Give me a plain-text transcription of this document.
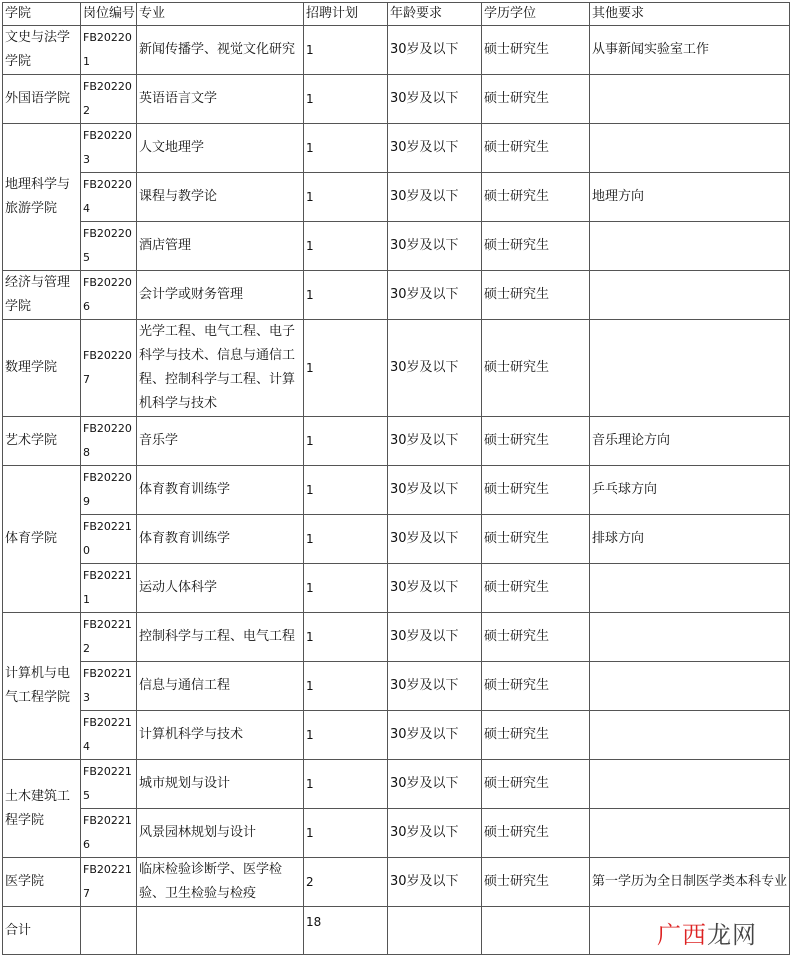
学院	岗位编号	专业	招聘计划	年龄要求	学历学位	其他要求
文史与法学学院	FB202201	新闻传播学、视觉文化研究	1	30岁及以下	硕士研究生	从事新闻实验室工作
外国语学院	FB202202	英语语言文学	1	30岁及以下	硕士研究生	
地理科学与旅游学院	FB202203	人文地理学	1	30岁及以下	硕士研究生	
	FB202204	课程与教学论	1	30岁及以下	硕士研究生	地理方向
	FB202205	酒店管理	1	30岁及以下	硕士研究生	
经济与管理学院	FB202206	会计学或财务管理	1	30岁及以下	硕士研究生	
数理学院	FB202207	光学工程、电气工程、电子科学与技术、信息与通信工程、控制科学与工程、计算机科学与技术	1	30岁及以下	硕士研究生	
艺术学院	FB202208	音乐学	1	30岁及以下	硕士研究生	音乐理论方向
体育学院	FB202209	体育教育训练学	1	30岁及以下	硕士研究生	乒乓球方向
	FB202210	体育教育训练学	1	30岁及以下	硕士研究生	排球方向
	FB202211	运动人体科学	1	30岁及以下	硕士研究生	
计算机与电气工程学院	FB202212	控制科学与工程、电气工程	1	30岁及以下	硕士研究生	
	FB202213	信息与通信工程	1	30岁及以下	硕士研究生	
	FB202214	计算机科学与技术	1	30岁及以下	硕士研究生	
土木建筑工程学院	FB202215	城市规划与设计	1	30岁及以下	硕士研究生	
	FB202216	风景园林规划与设计	1	30岁及以下	硕士研究生	
医学院	FB202217	临床检验诊断学、医学检验、卫生检验与检疫	2	30岁及以下	硕士研究生	第一学历为全日制医学类本科专业
合计			18				广西龙网
